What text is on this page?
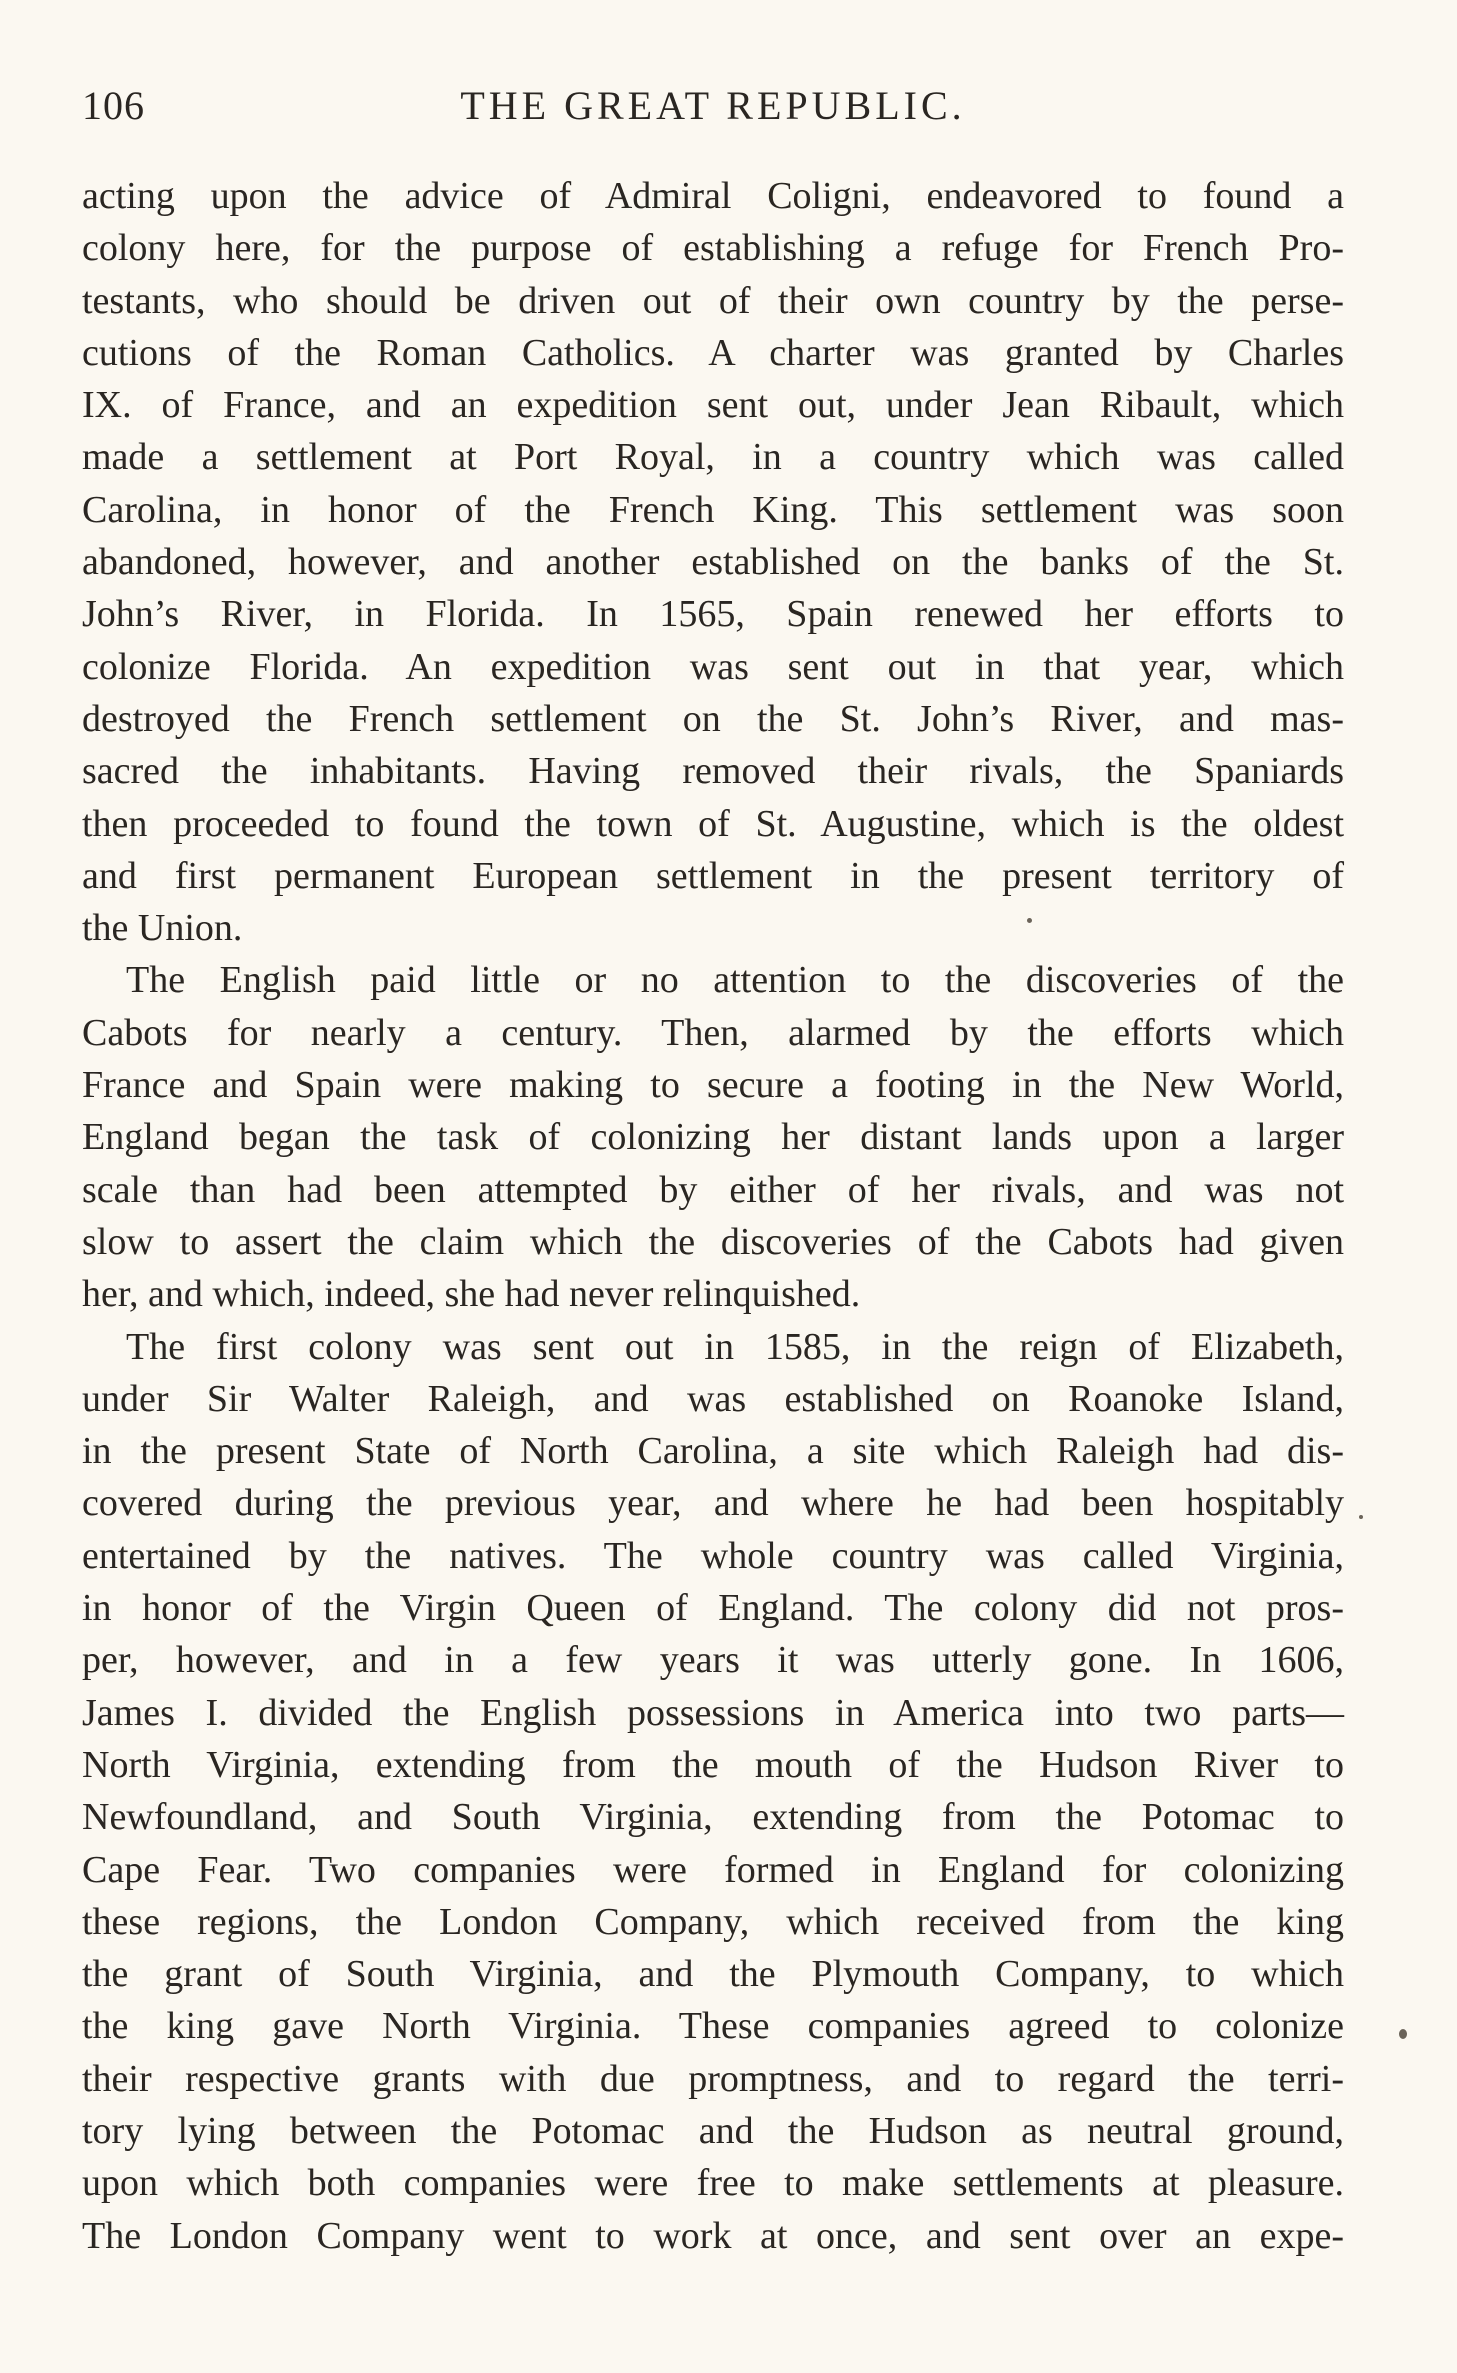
106	THE GREAT REPUBLIC.
acting upon the advice of Admiral Coligni, endeavored to found a
colony here, for the purpose of establishing a refuge for French Pro-
testants, who should be driven out of their own country by the perse-
cutions of the Roman Catholics. A charter was granted by Charles
IX. of France, and an expedition sent out, under Jean Ribault, which
made a settlement at Port Royal, in a country which was called
Carolina, in honor of the French King. This settlement was soon
abandoned, however, and another established on the banks of the St.
John’s River, in Florida. In 1565, Spain renewed her efforts to
colonize Florida. An expedition was sent out in that year, which
destroyed the French settlement on the St. John’s River, and mas-
sacred the inhabitants. Having removed their rivals, the Spaniards
then proceeded to found the town of St. Augustine, which is the oldest
and first permanent European settlement in the present territory of
the Union.
The English paid little or no attention to the discoveries of the
Cabots for nearly a century. Then, alarmed by the efforts which
France and Spain were making to secure a footing in the New World,
England began the task of colonizing her distant lands upon a larger
scale than had been attempted by either of her rivals, and was not
slow to assert the claim which the discoveries of the Cabots had given
her, and which, indeed, she had never relinquished.
The first colony was sent out in 1585, in the reign of Elizabeth,
under Sir Walter Raleigh, and was established on Roanoke Island,
in the present State of North Carolina, a site which Raleigh had dis-
covered during the previous year, and where he had been hospitably
entertained by the natives. The whole country was called Virginia,
in honor of the Virgin Queen of England. The colony did not pros-
per, however, and in a few years it was utterly gone. In 1606,
James I. divided the English possessions in America into two parts—
North Virginia, extending from the mouth of the Hudson River to
Newfoundland, and South Virginia, extending from the Potomac to
Cape Fear. Two companies were formed in England for colonizing
these regions, the London Company, which received from the king
the grant of South Virginia, and the Plymouth Company, to which
the king gave North Virginia. These companies agreed to colonize
their respective grants with due promptness, and to regard the terri-
tory lying between the Potomac and the Hudson as neutral ground,
upon which both companies were free to make settlements at pleasure.
The London Company went to work at once, and sent over an expe-
